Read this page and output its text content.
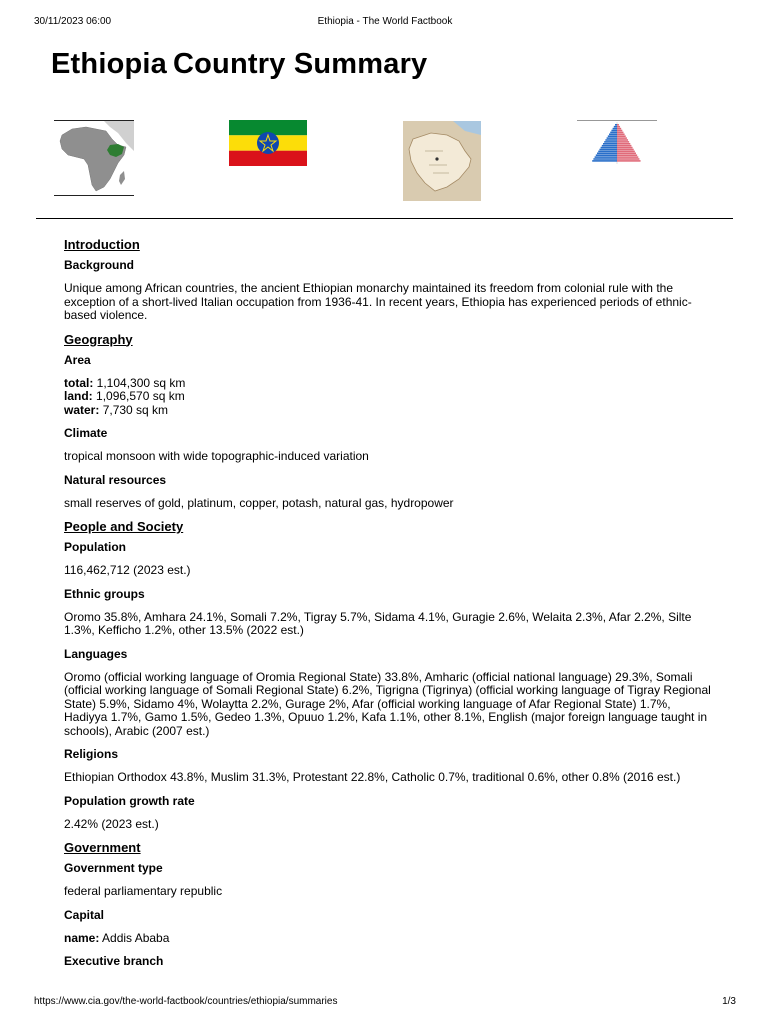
30/11/2023 06:00	Ethiopia - The World Factbook
Ethiopia Country Summary
Introduction
Background
Unique among African countries, the ancient Ethiopian monarchy maintained its freedom from colonial rule with the exception of a short-lived Italian occupation from 1936-41. In recent years, Ethiopia has experienced periods of ethnic-based violence.
Geography
Area
total: 1,104,300 sq km
land: 1,096,570 sq km
water: 7,730 sq km
Climate
tropical monsoon with wide topographic-induced variation
Natural resources
small reserves of gold, platinum, copper, potash, natural gas, hydropower
People and Society
Population
116,462,712 (2023 est.)
Ethnic groups
Oromo 35.8%, Amhara 24.1%, Somali 7.2%, Tigray 5.7%, Sidama 4.1%, Guragie 2.6%, Welaita 2.3%, Afar 2.2%, Silte 1.3%, Kefficho 1.2%, other 13.5% (2022 est.)
Languages
Oromo (official working language of Oromia Regional State) 33.8%, Amharic (official national language) 29.3%, Somali (official working language of Somali Regional State) 6.2%, Tigrigna (Tigrinya) (official working language of Tigray Regional State) 5.9%, Sidamo 4%, Wolaytta 2.2%, Gurage 2%, Afar (official working language of Afar Regional State) 1.7%, Hadiyya 1.7%, Gamo 1.5%, Gedeo 1.3%, Opuuo 1.2%, Kafa 1.1%, other 8.1%, English (major foreign language taught in schools), Arabic (2007 est.)
Religions
Ethiopian Orthodox 43.8%, Muslim 31.3%, Protestant 22.8%, Catholic 0.7%, traditional 0.6%, other 0.8% (2016 est.)
Population growth rate
2.42% (2023 est.)
Government
Government type
federal parliamentary republic
Capital
name: Addis Ababa
Executive branch
https://www.cia.gov/the-world-factbook/countries/ethiopia/summaries	1/3
